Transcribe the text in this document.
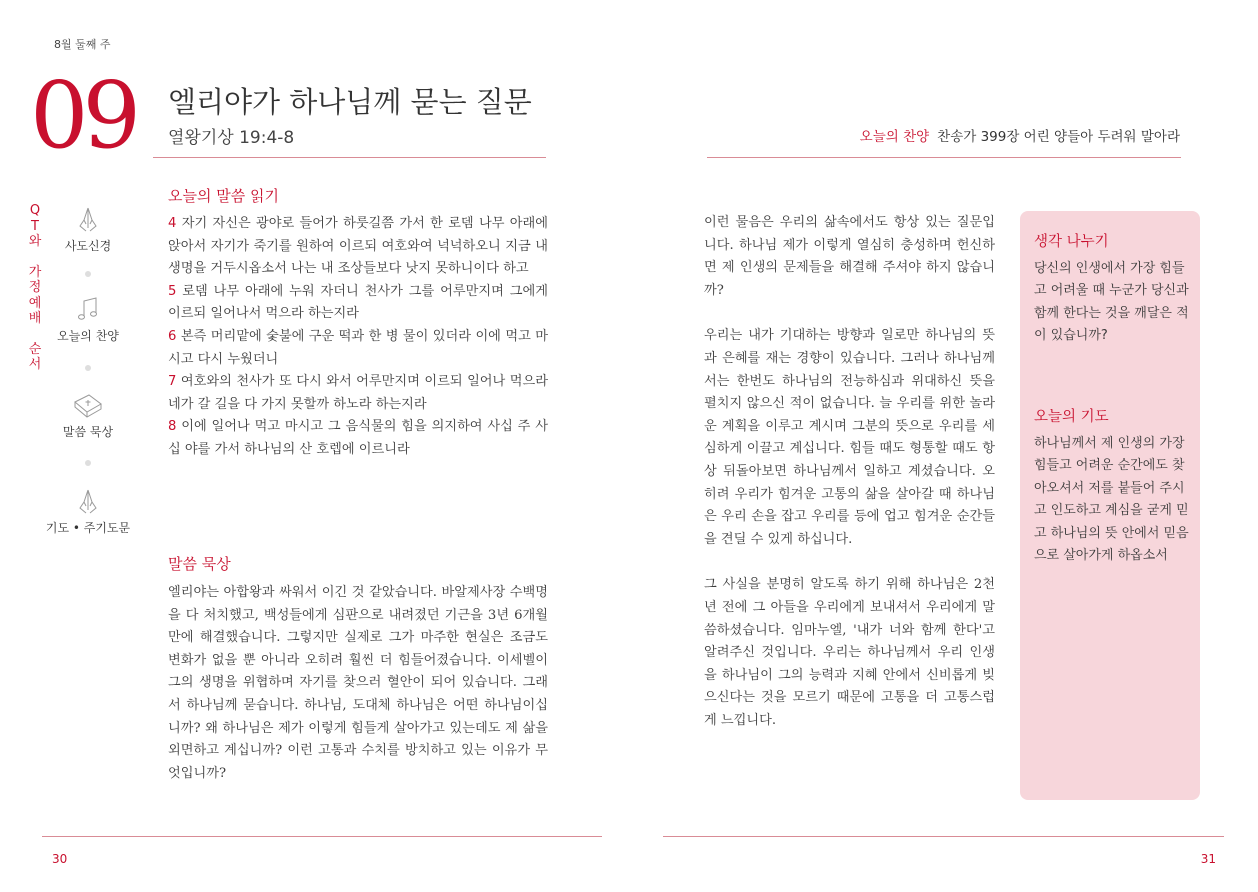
8월 둘째 주
09 엘리야가 하나님께 묻는 질문
열왕기상 19:4-8	오늘의 찬양 찬송가 399장 어린 양들아 두려워 말아라
Q
T
와
가
정
예
배
순
서
사도신경
오늘의 찬양
말씀 묵상
기도 • 주기도문
오늘의 말씀 읽기
4 자기 자신은 광야로 들어가 하룻길쯤 가서 한 로뎀 나무 아래에 앉아서 자기가 죽기를 원하여 이르되 여호와여 넉넉하오니 지금 내 생명을 거두시옵소서 나는 내 조상들보다 낫지 못하니이다 하고
5 로뎀 나무 아래에 누워 자더니 천사가 그를 어루만지며 그에게 이르되 일어나서 먹으라 하는지라
6 본즉 머리맡에 숯불에 구운 떡과 한 병 물이 있더라 이에 먹고 마시고 다시 누웠더니
7 여호와의 천사가 또 다시 와서 어루만지며 이르되 일어나 먹으라 네가 갈 길을 다 가지 못할까 하노라 하는지라
8 이에 일어나 먹고 마시고 그 음식물의 힘을 의지하여 사십 주 사십 야를 가서 하나님의 산 호렙에 이르니라
말씀 묵상
엘리야는 아합왕과 싸워서 이긴 것 같았습니다. 바알제사장 수백명을 다 처치했고, 백성들에게 심판으로 내려졌던 기근을 3년 6개월만에 해결했습니다. 그렇지만 실제로 그가 마주한 현실은 조금도 변화가 없을 뿐 아니라 오히려 훨씬 더 힘들어졌습니다. 이세벨이 그의 생명을 위협하며 자기를 찾으러 혈안이 되어 있습니다. 그래서 하나님께 묻습니다. 하나님, 도대체 하나님은 어떤 하나님이십니까? 왜 하나님은 제가 이렇게 힘들게 살아가고 있는데도 제 삶을 외면하고 계십니까? 이런 고통과 수치를 방치하고 있는 이유가 무엇입니까?

이런 물음은 우리의 삶속에서도 항상 있는 질문입니다. 하나님 제가 이렇게 열심히 충성하며 헌신하면 제 인생의 문제들을 해결해 주셔야 하지 않습니까?

우리는 내가 기대하는 방향과 일로만 하나님의 뜻과 은혜를 재는 경향이 있습니다. 그러나 하나님께서는 한번도 하나님의 전능하심과 위대하신 뜻을 펼치지 않으신 적이 없습니다. 늘 우리를 위한 놀라운 계획을 이루고 계시며 그분의 뜻으로 우리를 세심하게 이끌고 계십니다. 힘들 때도 형통할 때도 항상 뒤돌아보면 하나님께서 일하고 계셨습니다. 오히려 우리가 힘겨운 고통의 삶을 살아갈 때 하나님은 우리 손을 잡고 우리를 등에 업고 힘겨운 순간들을 견딜 수 있게 하십니다.

그 사실을 분명히 알도록 하기 위해 하나님은 2천년 전에 그 아들을 우리에게 보내셔서 우리에게 말씀하셨습니다. 임마누엘, '내가 너와 함께 한다'고 알려주신 것입니다. 우리는 하나님께서 우리 인생을 하나님이 그의 능력과 지혜 안에서 신비롭게 빚으신다는 것을 모르기 때문에 고통을 더 고통스럽게 느낍니다.

생각 나누기
당신의 인생에서 가장 힘들고 어려울 때 누군가 당신과 함께 한다는 것을 깨달은 적이 있습니까?
오늘의 기도
하나님께서 제 인생의 가장 힘들고 어려운 순간에도 찾아오셔서 저를 붙들어 주시고 인도하고 계심을 굳게 믿고 하나님의 뜻 안에서 믿음으로 살아가게 하옵소서
30	31
